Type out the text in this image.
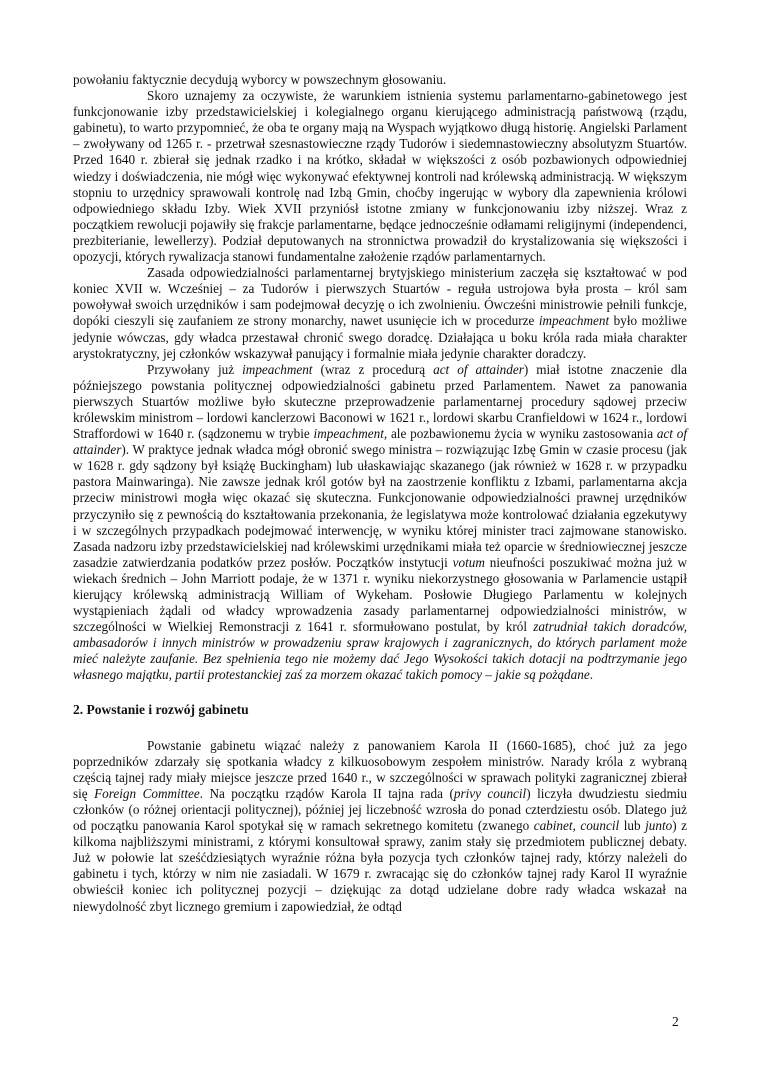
powołaniu faktycznie decydują wyborcy w powszechnym głosowaniu.

Skoro uznajemy za oczywiste, że warunkiem istnienia systemu parlamentarno-gabinetowego jest funkcjonowanie izby przedstawicielskiej i kolegialnego organu kierującego administracją państwową (rządu, gabinetu), to warto przypomnieć, że oba te organy mają na Wyspach wyjątkowo długą historię. Angielski Parlament – zwoływany od 1265 r. - przetrwał szesnastowieczne rządy Tudorów i siedemnastowieczny absolutyzm Stuartów. Przed 1640 r. zbierał się jednak rzadko i na krótko, składał w większości z osób pozbawionych odpowiedniej wiedzy i doświadczenia, nie mógł więc wykonywać efektywnej kontroli nad królewską administracją. W większym stopniu to urzędnicy sprawowali kontrolę nad Izbą Gmin, choćby ingerując w wybory dla zapewnienia królowi odpowiedniego składu Izby. Wiek XVII przyniósł istotne zmiany w funkcjonowaniu izby niższej. Wraz z początkiem rewolucji pojawiły się frakcje parlamentarne, będące jednocześnie odłamami religijnymi (independenci, prezbiterianie, lewellerzy). Podział deputowanych na stronnictwa prowadził do krystalizowania się większości i opozycji, których rywalizacja stanowi fundamentalne założenie rządów parlamentarnych.

Zasada odpowiedzialności parlamentarnej brytyjskiego ministerium zaczęła się kształtować w pod koniec XVII w. Wcześniej – za Tudorów i pierwszych Stuartów - reguła ustrojowa była prosta – król sam powoływał swoich urzędników i sam podejmował decyzję o ich zwolnieniu. Ówcześni ministrowie pełnili funkcje, dopóki cieszyli się zaufaniem ze strony monarchy, nawet usunięcie ich w procedurze impeachment było możliwe jedynie wówczas, gdy władca przestawał chronić swego doradcę. Działająca u boku króla rada miała charakter arystokratyczny, jej członków wskazywał panujący i formalnie miała jedynie charakter doradczy.

Przywołany już impeachment (wraz z procedurą act of attainder) miał istotne znaczenie dla późniejszego powstania politycznej odpowiedzialności gabinetu przed Parlamentem. Nawet za panowania pierwszych Stuartów możliwe było skuteczne przeprowadzenie parlamentarnej procedury sądowej przeciw królewskim ministrom – lordowi kanclerzowi Baconowi w 1621 r., lordowi skarbu Cranfieldowi w 1624 r., lordowi Straffordowi w 1640 r. (sądzonemu w trybie impeachment, ale pozbawionemu życia w wyniku zastosowania act of attainder). W praktyce jednak władca mógł obronić swego ministra – rozwiązując Izbę Gmin w czasie procesu (jak w 1628 r. gdy sądzony był książę Buckingham) lub ułaskawiając skazanego (jak również w 1628 r. w przypadku pastora Mainwaringa). Nie zawsze jednak król gotów był na zaostrzenie konfliktu z Izbami, parlamentarna akcja przeciw ministrowi mogła więc okazać się skuteczna. Funkcjonowanie odpowiedzialności prawnej urzędników przyczyniło się z pewnością do kształtowania przekonania, że legislatywa może kontrolować działania egzekutywy i w szczególnych przypadkach podejmować interwencję, w wyniku której minister traci zajmowane stanowisko. Zasada nadzoru izby przedstawicielskiej nad królewskimi urzędnikami miała też oparcie w średniowiecznej jeszcze zasadzie zatwierdzania podatków przez posłów. Początków instytucji votum nieufności poszukiwać można już w wiekach średnich – John Marriott podaje, że w 1371 r. wyniku niekorzystnego głosowania w Parlamencie ustąpił kierujący królewską administracją William of Wykeham. Posłowie Długiego Parlamentu w kolejnych wystąpieniach żądali od władcy wprowadzenia zasady parlamentarnej odpowiedzialności ministrów, w szczególności w Wielkiej Remonstracji z 1641 r. sformułowano postulat, by król zatrudniał takich doradców, ambasadorów i innych ministrów w prowadzeniu spraw krajowych i zagranicznych, do których parlament może mieć należyte zaufanie. Bez spełnienia tego nie możemy dać Jego Wysokości takich dotacji na podtrzymanie jego własnego majątku, partii protestanckiej zaś za morzem okazać takich pomocy – jakie są pożądane.

2. Powstanie i rozwój gabinetu

Powstanie gabinetu wiązać należy z panowaniem Karola II (1660-1685), choć już za jego poprzedników zdarzały się spotkania władcy z kilkuosobowym zespołem ministrów. Narady króla z wybraną częścią tajnej rady miały miejsce jeszcze przed 1640 r., w szczególności w sprawach polityki zagranicznej zbierał się Foreign Committee. Na początku rządów Karola II tajna rada (privy council) liczyła dwudziestu siedmiu członków (o różnej orientacji politycznej), później jej liczebność wzrosła do ponad czterdziestu osób. Dlatego już od początku panowania Karol spotykał się w ramach sekretnego komitetu (zwanego cabinet, council lub junto) z kilkoma najbliższymi ministrami, z którymi konsultował sprawy, zanim stały się przedmiotem publicznej debaty. Już w połowie lat sześćdziesiątych wyraźnie różna była pozycja tych członków tajnej rady, którzy należeli do gabinetu i tych, którzy w nim nie zasiadali. W 1679 r. zwracając się do członków tajnej rady Karol II wyraźnie obwieścił koniec ich politycznej pozycji – dziękując za dotąd udzielane dobre rady władca wskazał na niewydolność zbyt licznego gremium i zapowiedział, że odtąd

2
